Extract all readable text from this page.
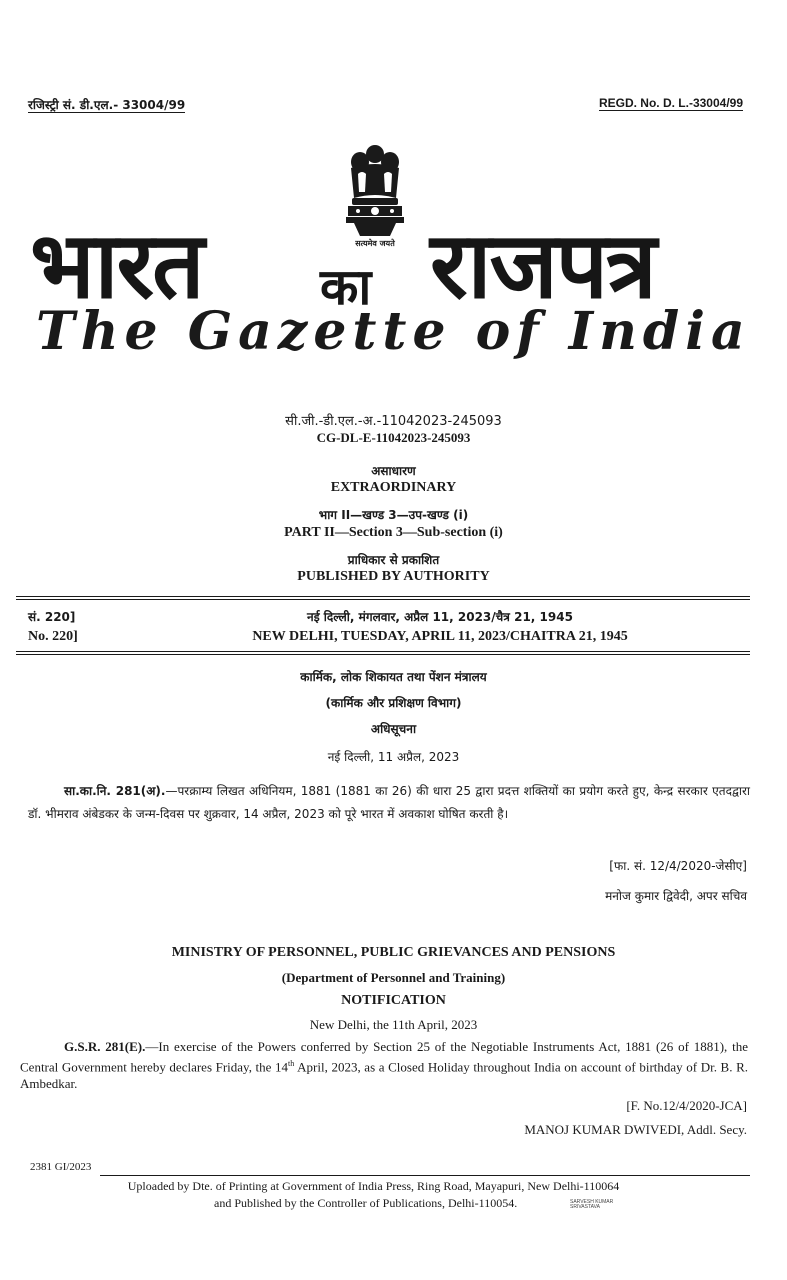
रजिस्ट्री सं. डी.एल.- 33004/99	REGD. No. D. L.-33004/99
सत्यमेव जयते
भारत का राजपत्र
The Gazette of India
सी.जी.-डी.एल.-अ.-11042023-245093
CG-DL-E-11042023-245093
असाधारण
EXTRAORDINARY
भाग II—खण्ड 3—उप-खण्ड (i)
PART II—Section 3—Sub-section (i)
प्राधिकार से प्रकाशित
PUBLISHED BY AUTHORITY
सं. 220]	नई दिल्ली, मंगलवार, अप्रैल 11, 2023/चैत्र 21, 1945
No. 220]	NEW DELHI, TUESDAY, APRIL 11, 2023/CHAITRA 21, 1945
कार्मिक, लोक शिकायत तथा पेंशन मंत्रालय
(कार्मिक और प्रशिक्षण विभाग)
अधिसूचना
नई दिल्ली, 11 अप्रैल, 2023
सा.का.नि. 281(अ).—परक्राम्य लिखत अधिनियम, 1881 (1881 का 26) की धारा 25 द्वारा प्रदत्त शक्तियों का प्रयोग करते हुए, केन्द्र सरकार एतदद्वारा डॉ. भीमराव अंबेडकर के जन्म-दिवस पर शुक्रवार, 14 अप्रैल, 2023 को पूरे भारत में अवकाश घोषित करती है।
[फा. सं. 12/4/2020-जेसीए]
मनोज कुमार द्विवेदी, अपर सचिव
MINISTRY OF PERSONNEL, PUBLIC GRIEVANCES AND PENSIONS
(Department of Personnel and Training)
NOTIFICATION
New Delhi, the 11th April, 2023
G.S.R. 281(E).—In exercise of the Powers conferred by Section 25 of the Negotiable Instruments Act, 1881 (26 of 1881), the Central Government hereby declares Friday, the 14th April, 2023, as a Closed Holiday throughout India on account of birthday of Dr. B. R. Ambedkar.
[F. No.12/4/2020-JCA]
MANOJ KUMAR DWIVEDI, Addl. Secy.
2381 GI/2023
Uploaded by Dte. of Printing at Government of India Press, Ring Road, Mayapuri, New Delhi-110064
and Published by the Controller of Publications, Delhi-110054.	SARVESH KUMAR
SRIVASTAVA
